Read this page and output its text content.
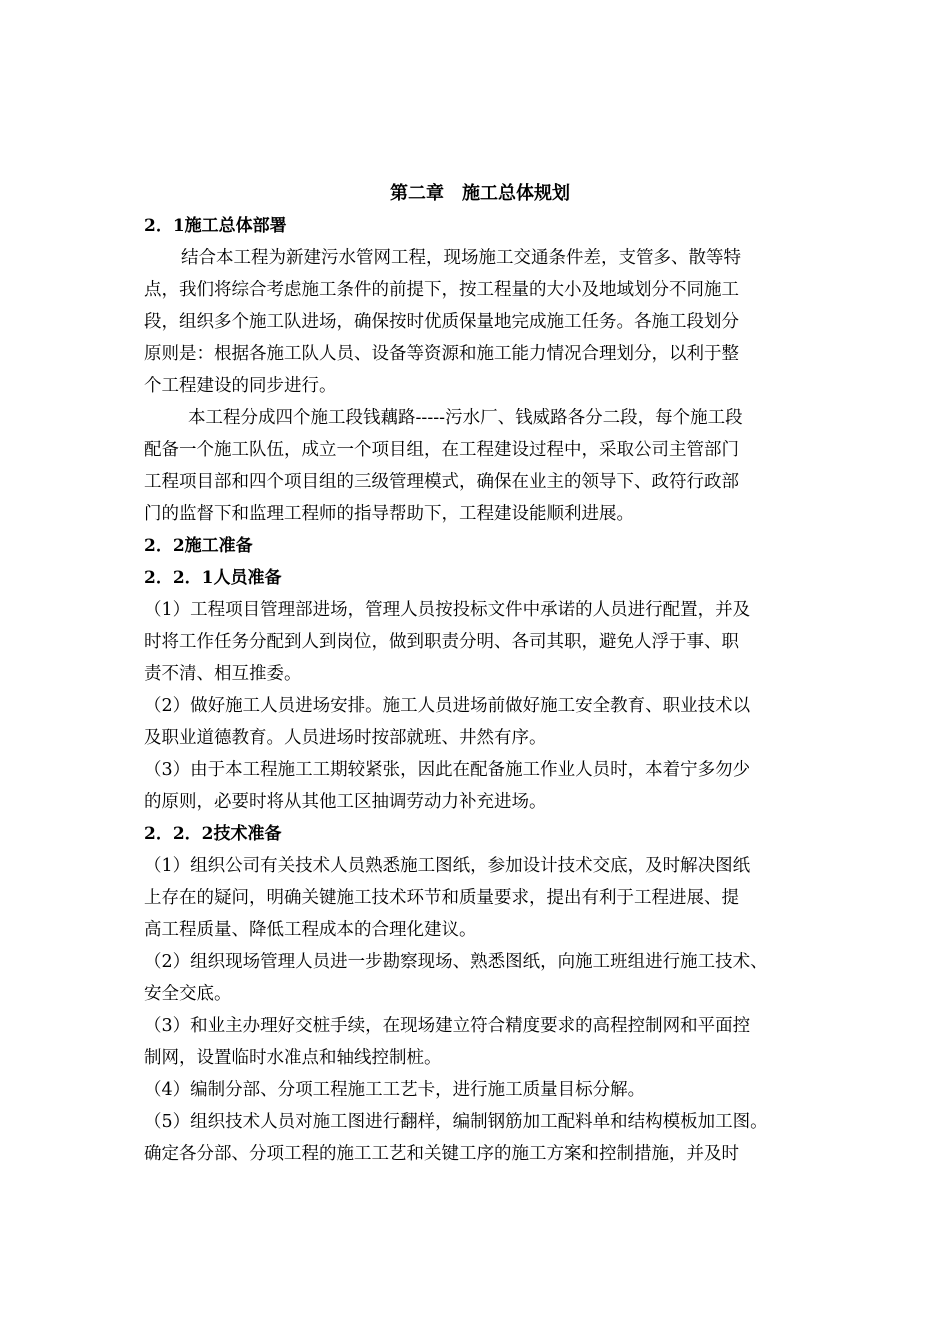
第二章　施工总体规划
2．1施工总体部署
结合本工程为新建污水管网工程，现场施工交通条件差，支管多、散等特
点，我们将综合考虑施工条件的前提下，按工程量的大小及地域划分不同施工
段，组织多个施工队进场，确保按时优质保量地完成施工任务。各施工段划分
原则是：根据各施工队人员、设备等资源和施工能力情况合理划分，以利于整
个工程建设的同步进行。
本工程分成四个施工段钱藕路-----污水厂、钱威路各分二段，每个施工段
配备一个施工队伍，成立一个项目组，在工程建设过程中，采取公司主管部门
工程项目部和四个项目组的三级管理模式，确保在业主的领导下、政符行政部
门的监督下和监理工程师的指导帮助下，工程建设能顺利进展。
2．2施工准备
2．2．1人员准备
（1）工程项目管理部进场，管理人员按投标文件中承诺的人员进行配置，并及
时将工作任务分配到人到岗位，做到职责分明、各司其职，避免人浮于事、职
责不清、相互推委。
（2）做好施工人员进场安排。施工人员进场前做好施工安全教育、职业技术以
及职业道德教育。人员进场时按部就班、井然有序。
（3）由于本工程施工工期较紧张，因此在配备施工作业人员时，本着宁多勿少
的原则，必要时将从其他工区抽调劳动力补充进场。
2．2．2技术准备
（1）组织公司有关技术人员熟悉施工图纸，参加设计技术交底，及时解决图纸
上存在的疑问，明确关键施工技术环节和质量要求，提出有利于工程进展、提
高工程质量、降低工程成本的合理化建议。
（2）组织现场管理人员进一步勘察现场、熟悉图纸，向施工班组进行施工技术、
安全交底。
（3）和业主办理好交桩手续，在现场建立符合精度要求的高程控制网和平面控
制网，设置临时水准点和轴线控制桩。
（4）编制分部、分项工程施工工艺卡，进行施工质量目标分解。
（5）组织技术人员对施工图进行翻样，编制钢筋加工配料单和结构模板加工图。
确定各分部、分项工程的施工工艺和关键工序的施工方案和控制措施，并及时
